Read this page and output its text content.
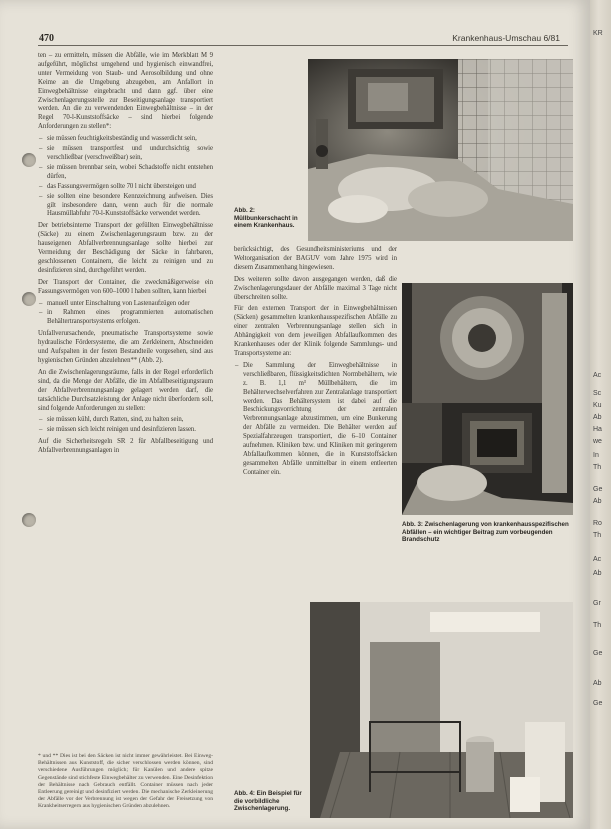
470	Krankenhaus-Umschau 6/81

ten – zu ermitteln, müssen die Abfälle, wie im Merkblatt M 9 aufgeführt, möglichst umgehend und hygienisch einwandfrei, unter Vermeidung von Staub- und Aerosolbildung und ohne Keime an die Umgebung abzugeben, am Anfallort in Einwegbehältnisse eingebracht und dann ggf. über eine Zwischenlagerungsstelle zur Beseitigungsanlage transportiert werden. An die zu verwendenden Einwegbehältnisse – in der Regel 70-l-Kunststoffsäcke – sind hierbei folgende Anforderungen zu stellen*:

– sie müssen feuchtigkeitsbeständig und wasserdicht sein,
– sie müssen transportfest und undurchsichtig sowie verschließbar (verschweißbar) sein,
– sie müssen brennbar sein, wobei Schadstoffe nicht entstehen dürfen,
– das Fassungsvermögen sollte 70 l nicht übersteigen und
– sie sollten eine besondere Kennzeichnung aufweisen. Dies gilt insbesondere dann, wenn auch für die normale Hausmüllabfuhr 70-l-Kunststoffsäcke verwendet werden.

Der betriebsinterne Transport der gefüllten Einwegbehältnisse (Säcke) zu einem Zwischenlagerungsraum bzw. zu der hauseigenen Abfallverbrennungsanlage sollte hierbei zur Vermeidung der Beschädigung der Säcke in fahrbaren, geschlossenen Containern, die leicht zu reinigen und zu desinfizieren sind, durchgeführt werden.

Der Transport der Container, die zweckmäßigerweise ein Fassungsvermögen von 600–1000 l haben sollten, kann hierbei

– manuell unter Einschaltung von Lastenaufzügen oder
– in Rahmen eines programmierten automatischen Behältertransportsystems erfolgen.

Unfallverursachende, pneumatische Transportsysteme sowie hydraulische Fördersysteme, die am Zerkleinern, Abschneiden und Aufspalten in der festen Bestandteile vorgesehen, sind aus hygienischen Gründen abzulehnen** (Abb. 2).

An die Zwischenlagerungsräume, falls in der Regel erforderlich sind, da die Menge der Abfälle, die im Abfallbeseitigungsraum der Abfallverbrennungsanlage gelagert werden darf, die tatsächliche Durchsatzleistung der Anlage nicht überfordern soll, sind folgende Anforderungen zu stellen:

– sie müssen kühl, durch Ratten, sind, zu halten sein,
– sie müssen sich leicht reinigen und desinfizieren lassen.

Auf die Sicherheitsregeln SR 2 für Abfallbeseitigung und Abfallverbrennungsanlagen in

* und ** Dies ist bei den Säcken ist nicht immer gewährleistet. Bei Einweg-Behältnissen aus Kunststoff, die sicher verschlossen werden können, sind verschiedene Ausführungen möglich; für Kanülen und andere spitze Gegenstände sind stichfeste Einwegbehälter zu verwenden. Eine Desinfektion der Behältnisse nach Gebrauch entfällt. Container müssen nach jeder Entleerung gereinigt und desinfiziert werden. Die mechanische Zerkleinerung der Abfälle vor der Verbrennung ist wegen der Gefahr der Freisetzung von Krankheitserregern aus hygienischen Gründen abzulehnen.
Abb. 2: Müllbunkerschacht in einem Krankenhaus.

berücksichtigt, des Gesundheitsministeriums und der Weltorganisation der BAGUV vom Jahre 1975 wird in diesem Zusammenhang hingewiesen.

Des weiteren sollte davon ausgegangen werden, daß die Zwischenlagerungsdauer der Abfälle maximal 3 Tage nicht überschreiten sollte.

Für den externen Transport der in Einwegbehältnissen (Säcken) gesammelten krankenhausspezifischen Abfälle zu einer zentralen Verbrennungsanlage stellen sich in Abhängigkeit von dem jeweiligen Abfallaufkommen des Krankenhauses oder der Klinik folgende Sammlungs- und Transportsysteme an:

– Die Sammlung der Einwegbehältnisse in verschließbaren, flüssigkeitsdichten Normbehältern, wie z. B. 1,1 m³ Müllbehältern, die im Behälterwechselverfahren zur Zentralanlage transportiert werden. Das Behältersystem ist dabei auf die Beschickungsvorrichtung der zentralen Verbrennungsanlage abzustimmen, um eine Bunkerung der Abfälle zu vermeiden. Die Behälter werden auf Spezialfahrzeugen transportiert, die 6–10 Container aufnehmen. Kliniken bzw. und Kliniken mit geringerem Abfallaufkommen können, die in Kunststoffsäcken gesammelten Abfälle unmittelbar in einem entleerten Container ein.
Abb. 3: Zwischenlagerung von krankenhausspezifischen Abfällen – ein wichtiger Beitrag zum vorbeugenden Brandschutz
Abb. 4: Ein Beispiel für die vorbildliche Zwischenlagerung.
KR
Ac
Sc
Ku
Ab
Ha
we
In
Th
Ge
Ab
Ro
Th
Ac
Ab
Gr
Th
Ge
Ab
Ge
